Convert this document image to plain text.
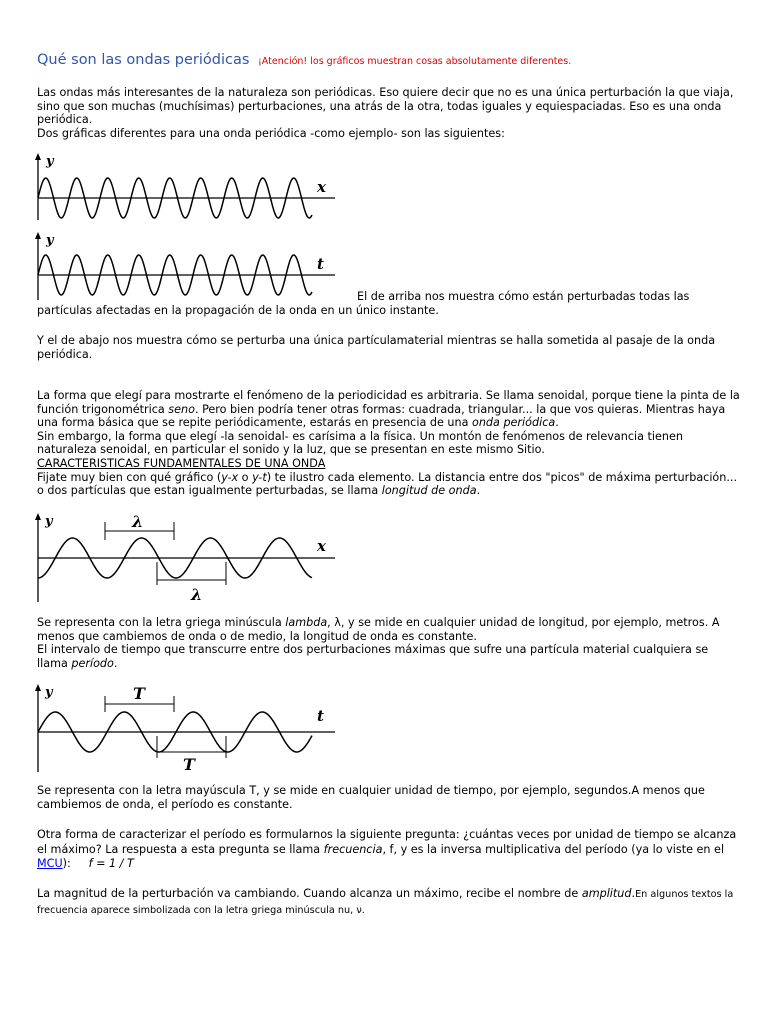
Qué son las ondas periódicas ¡Atención! los gráficos muestran cosas absolutamente diferentes.
Las ondas más interesantes de la naturaleza son periódicas. Eso quiere decir que no es una única perturbación la que viaja, sino que son muchas (muchísimas) perturbaciones, una atrás de la otra, todas iguales y equiespaciadas. Eso es una onda periódica.
Dos gráficas diferentes para una onda periódica -como ejemplo- son las siguientes:
y
x
y
t
El de arriba nos muestra cómo están perturbadas todas las partículas afectadas en la propagación de la onda en un único instante.
Y el de abajo nos muestra cómo se perturba una única partículamaterial mientras se halla sometida al pasaje de la onda periódica.
La forma que elegí para mostrarte el fenómeno de la periodicidad es arbitraria. Se llama senoidal, porque tiene la pinta de la función trigonométrica seno. Pero bien podría tener otras formas: cuadrada, triangular... la que vos quieras. Mientras haya una forma básica que se repite periódicamente, estarás en presencia de una onda periódica.
Sin embargo, la forma que elegí -la senoidal- es carísima a la física. Un montón de fenómenos de relevancia tienen naturaleza senoidal, en particular el sonido y la luz, que se presentan en este mismo Sitio.
CARACTERISTICAS FUNDAMENTALES DE UNA ONDA
Fijate muy bien con qué gráfico (y-x o y-t) te ilustro cada elemento. La distancia entre dos "picos" de máxima perturbación... o dos partículas que estan igualmente perturbadas, se llama longitud de onda.
λ
λ
y
x
Se representa con la letra griega minúscula lambda, λ, y se mide en cualquier unidad de longitud, por ejemplo, metros. A menos que cambiemos de onda o de medio, la longitud de onda es constante.
El intervalo de tiempo que transcurre entre dos perturbaciones máximas que sufre una partícula material cualquiera se llama período.
T
T
y
t
Se representa con la letra mayúscula T, y se mide en cualquier unidad de tiempo, por ejemplo, segundos.A menos que cambiemos de onda, el período es constante.
Otra forma de caracterizar el período es formularnos la siguiente pregunta: ¿cuántas veces por unidad de tiempo se alcanza el máximo? La respuesta a esta pregunta se llama frecuencia, f, y es la inversa multiplicativa del período (ya lo viste en el MCU): f = 1 / T
La magnitud de la perturbación va cambiando. Cuando alcanza un máximo, recibe el nombre de amplitud.En algunos textos la frecuencia aparece simbolizada con la letra griega minúscula nu, ν.
